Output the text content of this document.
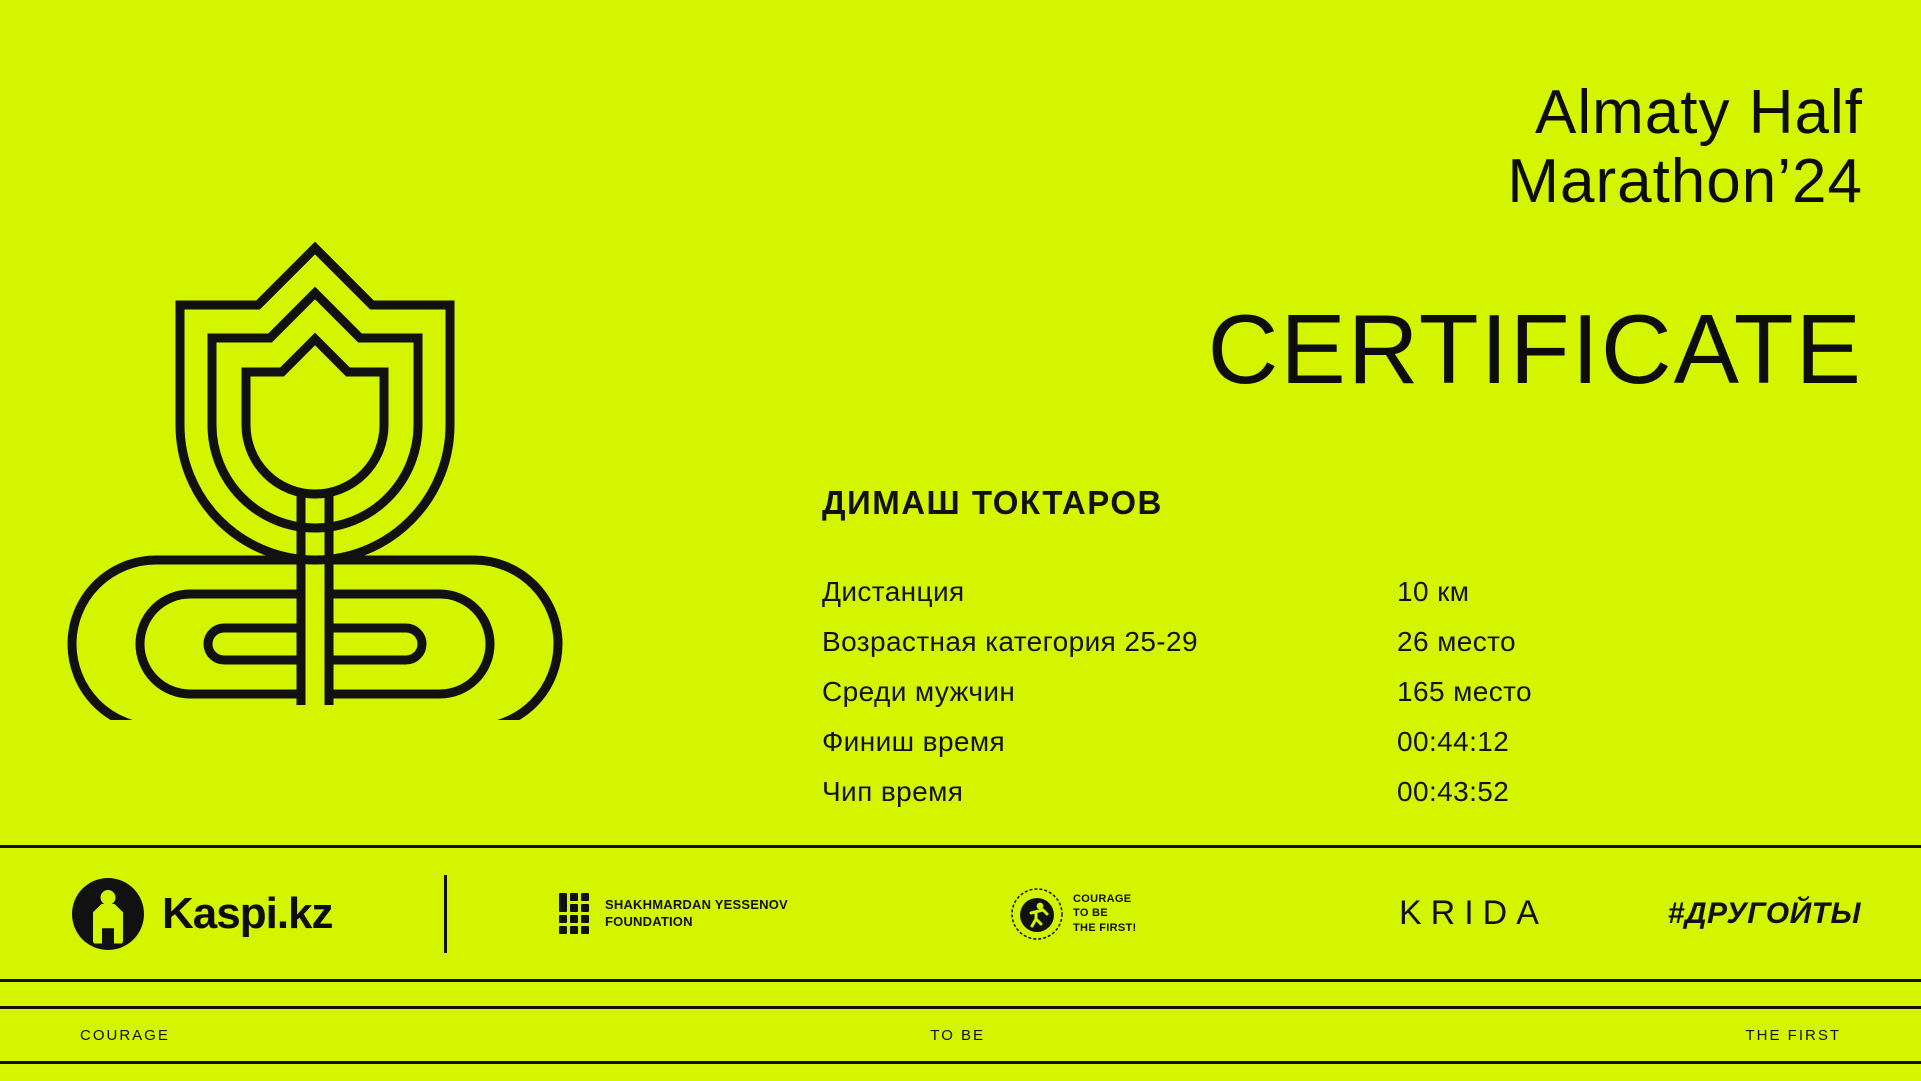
Almaty Half
Marathon’24
CERTIFICATE
ДИМАШ ТОКТАРОВ
Дистанция	10 км
Возрастная категория 25-29	26 место
Среди мужчин	165 место
Финиш время	00:44:12
Чип время	00:43:52
Kaspi.kz	SHAKHMARDAN YESSENOV
FOUNDATION
COURAGE
TO BE
THE FIRST!	KRIDA	#ДРУГОЙТЫ
COURAGE	TO BE	THE FIRST
